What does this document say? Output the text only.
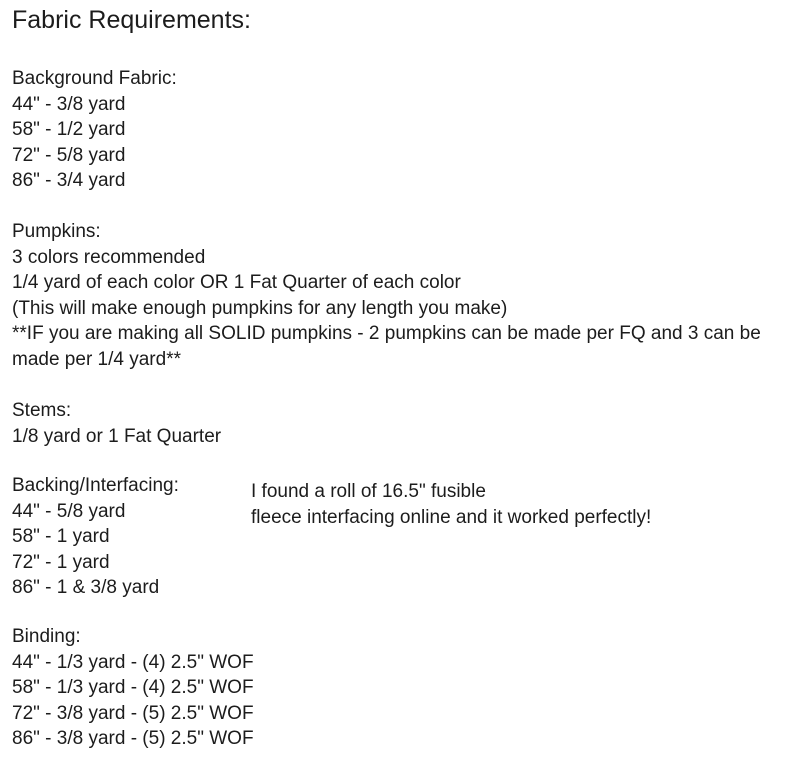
Fabric Requirements:
Background Fabric:
44" - 3/8 yard
58" - 1/2 yard
72" - 5/8 yard
86" - 3/4 yard
Pumpkins:
3 colors recommended
1/4 yard of each color OR 1 Fat Quarter of each color
(This will make enough pumpkins for any length you make)
**IF you are making all SOLID pumpkins - 2 pumpkins can be made per FQ and 3 can be made per 1/4 yard**
Stems:
1/8 yard or 1 Fat Quarter
Backing/Interfacing:
44" - 5/8 yard
58" - 1 yard
72" - 1 yard
86" - 1 & 3/8 yard
I found a roll of 16.5" fusible
fleece interfacing online and it worked perfectly!
Binding:
44" - 1/3 yard - (4) 2.5" WOF
58" - 1/3 yard - (4) 2.5" WOF
72" - 3/8 yard - (5) 2.5" WOF
86" - 3/8 yard - (5) 2.5" WOF
